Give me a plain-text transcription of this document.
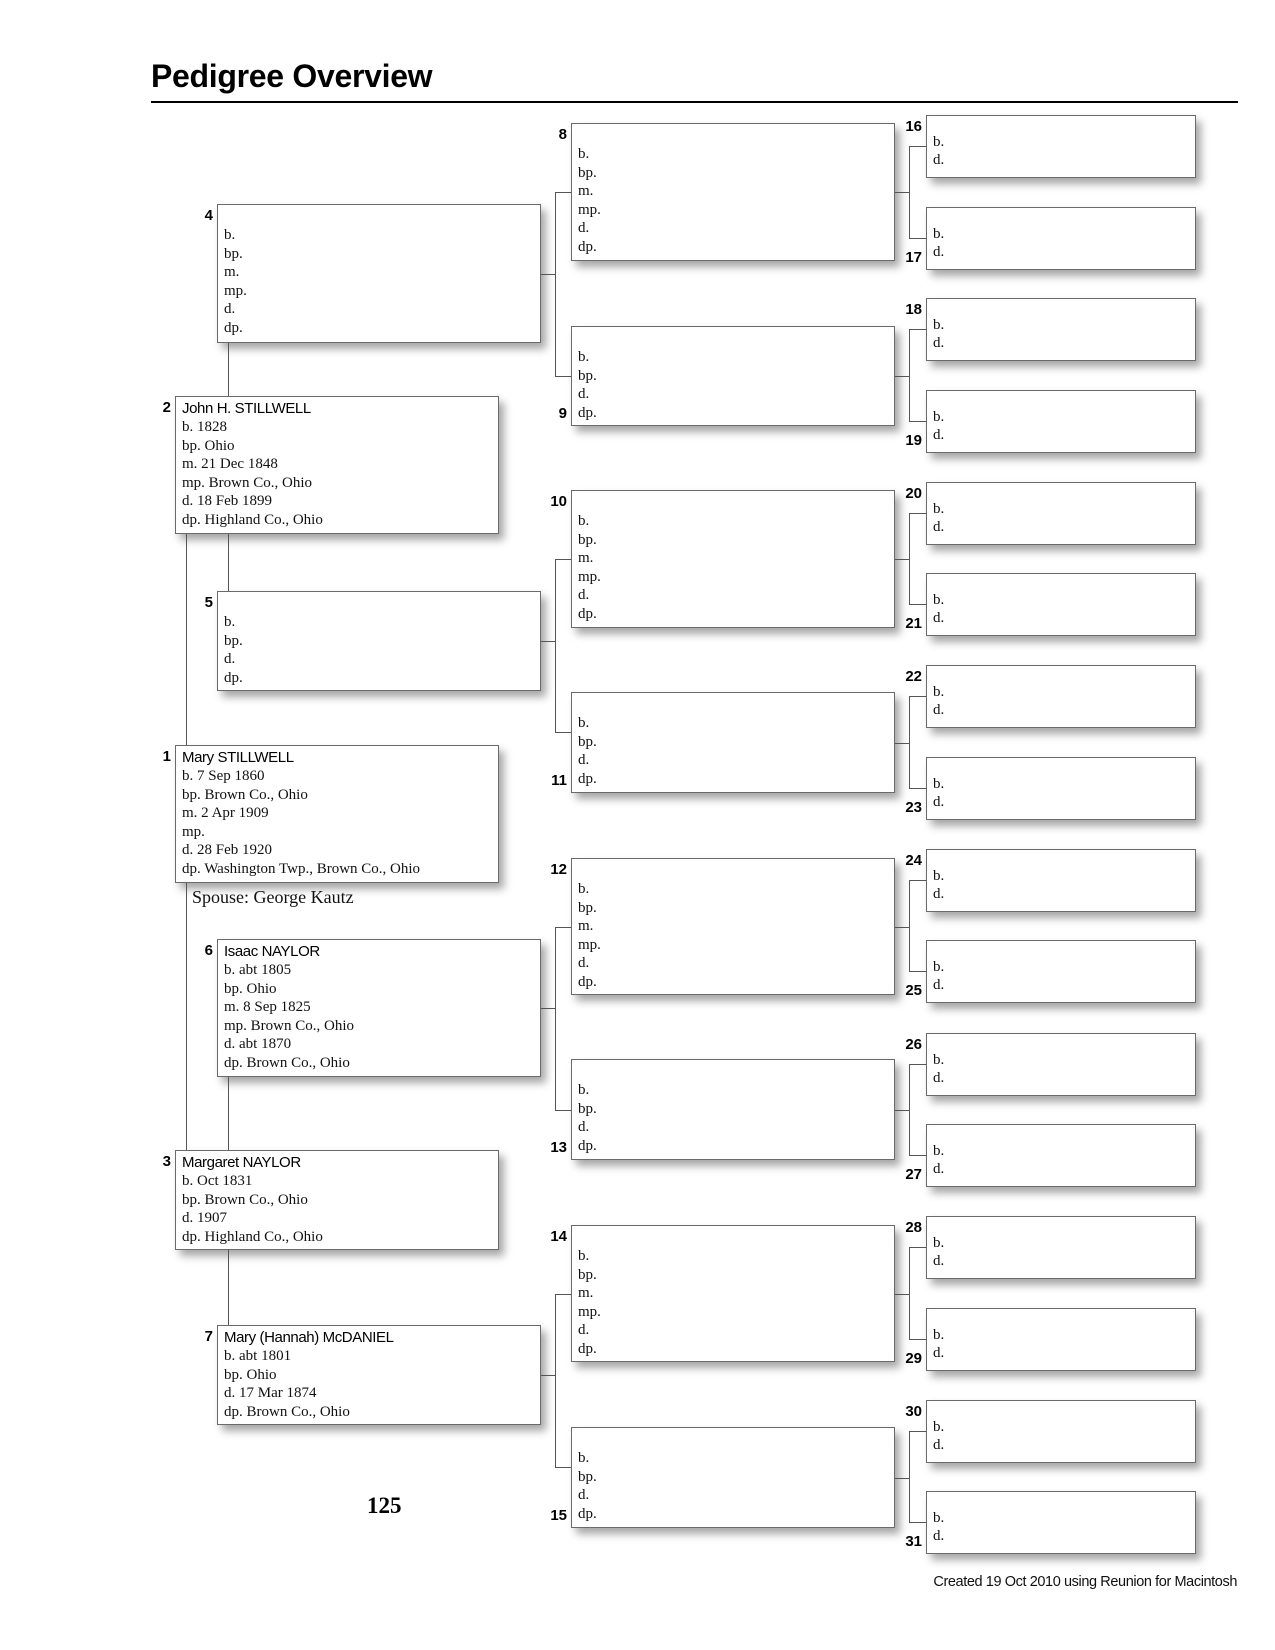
Pedigree Overview
Mary STILLWELL
b. 7 Sep 1860
bp. Brown Co., Ohio
m. 2 Apr 1909
mp.
d. 28 Feb 1920
dp. Washington Twp., Brown Co., Ohio
1
John H. STILLWELL
b. 1828
bp. Ohio
m. 21 Dec 1848
mp. Brown Co., Ohio
d. 18 Feb 1899
dp. Highland Co., Ohio
2
Margaret NAYLOR
b. Oct 1831
bp. Brown Co., Ohio
d. 1907
dp. Highland Co., Ohio
3
b.
bp.
m.
mp.
d.
dp.
4
b.
bp.
d.
dp.
5
Isaac NAYLOR
b. abt 1805
bp. Ohio
m. 8 Sep 1825
mp. Brown Co., Ohio
d. abt 1870
dp. Brown Co., Ohio
6
Mary (Hannah) McDANIEL
b. abt 1801
bp. Ohio
d. 17 Mar 1874
dp. Brown Co., Ohio
7
b.
bp.
m.
mp.
d.
dp.
8
b.
bp.
d.
dp.
9
b.
bp.
m.
mp.
d.
dp.
10
b.
bp.
d.
dp.
11
b.
bp.
m.
mp.
d.
dp.
12
b.
bp.
d.
dp.
13
b.
bp.
m.
mp.
d.
dp.
14
b.
bp.
d.
dp.
15
b.
d.
16
b.
d.
17
b.
d.
18
b.
d.
19
b.
d.
20
b.
d.
21
b.
d.
22
b.
d.
23
b.
d.
24
b.
d.
25
b.
d.
26
b.
d.
27
b.
d.
28
b.
d.
29
b.
d.
30
b.
d.
31
Spouse: George Kautz
125
Created 19 Oct 2010 using Reunion for Macintosh
